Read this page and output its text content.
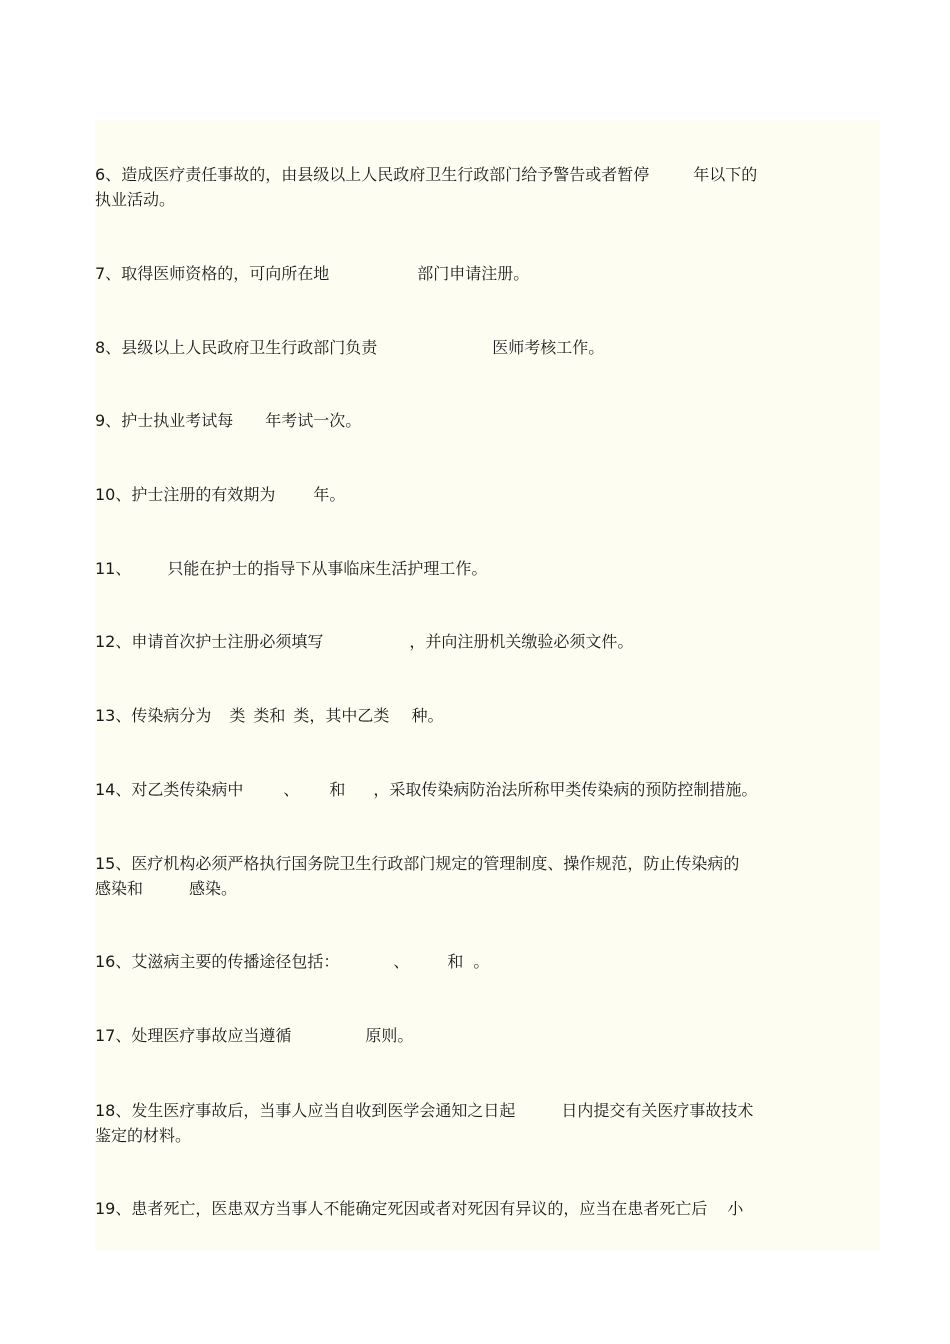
6、造成医疗责任事故的，由县级以上人民政府卫生行政部门给予警告或者暂停	年以下的
执业活动。
7、取得医师资格的，可向所在地	部门申请注册。
8、县级以上人民政府卫生行政部门负责	医师考核工作。
9、护士执业考试每 年考试一次。
10、护士注册的有效期为 年。
11、 只能在护士的指导下从事临床生活护理工作。
12、申请首次护士注册必须填写	，并向注册机关缴验必须文件。
13、传染病分为 类 类和 类，其中乙类 种。
14、对乙类传染病中	、 和 ，采取传染病防治法所称甲类传染病的预防控制措施。
15、医疗机构必须严格执行国务院卫生行政部门规定的管理制度、操作规范，防止传染病的
感染和	感染。
16、艾滋病主要的传播途径包括：	、 和 。
17、处理医疗事故应当遵循	原则。
18、发生医疗事故后，当事人应当自收到医学会通知之日起	日内提交有关医疗事故技术
鉴定的材料。
19、患者死亡，医患双方当事人不能确定死因或者对死因有异议的，应当在患者死亡后 小
